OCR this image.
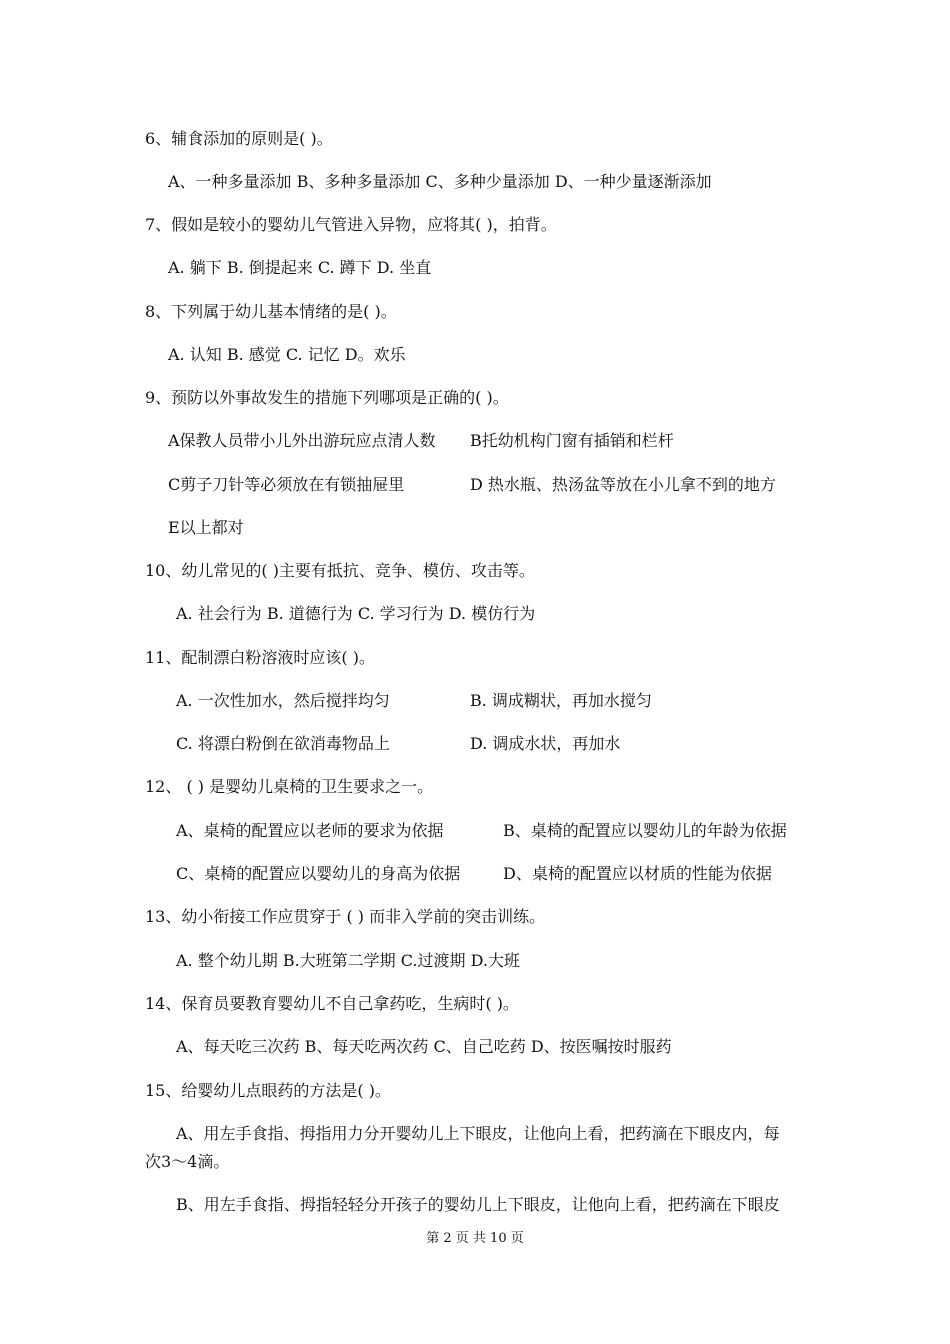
6、辅食添加的原则是( )。
A、一种多量添加 B、多种多量添加 C、多种少量添加 D、一种少量逐渐添加
7、假如是较小的婴幼儿气管进入异物，应将其( )，拍背。
A. 躺下 B. 倒提起来 C. 蹲下 D. 坐直
8、下列属于幼儿基本情绪的是( )。
A. 认知 B. 感觉 C. 记忆 D。欢乐
9、预防以外事故发生的措施下列哪项是正确的( )。
A保教人员带小儿外出游玩应点清人数 B托幼机构门窗有插销和栏杆
C剪子刀针等必须放在有锁抽屉里	D 热水瓶、热汤盆等放在小儿拿不到的地方
E以上都对
10、幼儿常见的( )主要有抵抗、竞争、模仿、攻击等。
A. 社会行为 B. 道德行为 C. 学习行为 D. 模仿行为
11、配制漂白粉溶液时应该( )。
A. 一次性加水，然后搅拌均匀	B. 调成糊状，再加水搅匀
C. 将漂白粉倒在欲消毒物品上	D. 调成水状，再加水
12、 ( ) 是婴幼儿桌椅的卫生要求之一。
A、桌椅的配置应以老师的要求为依据	B、桌椅的配置应以婴幼儿的年龄为依据
C、桌椅的配置应以婴幼儿的身高为依据	D、桌椅的配置应以材质的性能为依据
13、幼小衔接工作应贯穿于 ( ) 而非入学前的突击训练。
A. 整个幼儿期 B.大班第二学期 C.过渡期 D.大班
14、保育员要教育婴幼儿不自己拿药吃，生病时( )。
A、每天吃三次药 B、每天吃两次药 C、自己吃药 D、按医嘱按时服药
15、给婴幼儿点眼药的方法是( )。
A、用左手食指、拇指用力分开婴幼儿上下眼皮，让他向上看，把药滴在下眼皮内，每
次3～4滴。
B、用左手食指、拇指轻轻分开孩子的婴幼儿上下眼皮，让他向上看，把药滴在下眼皮
第 2 页 共 10 页
